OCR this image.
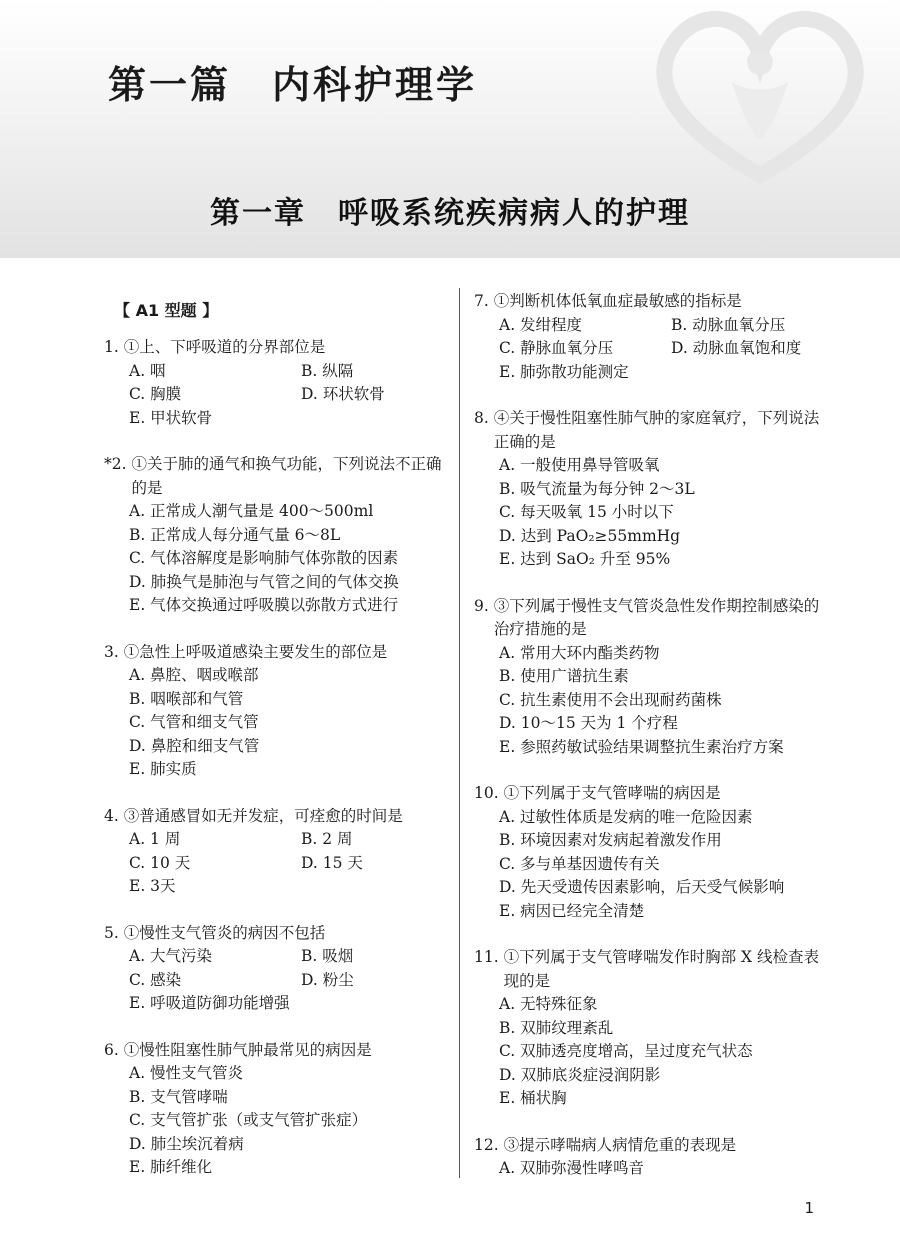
第一篇　内科护理学
第一章　呼吸系统疾病病人的护理
【 A1 型题 】
1. ①上、下呼吸道的分界部位是
A. 咽	B. 纵隔
C. 胸膜	D. 环状软骨
E. 甲状软骨
*2. ①关于肺的通气和换气功能，下列说法不正确的是
A. 正常成人潮气量是 400～500ml
B. 正常成人每分通气量 6～8L
C. 气体溶解度是影响肺气体弥散的因素
D. 肺换气是肺泡与气管之间的气体交换
E. 气体交换通过呼吸膜以弥散方式进行
3. ①急性上呼吸道感染主要发生的部位是
A. 鼻腔、咽或喉部
B. 咽喉部和气管
C. 气管和细支气管
D. 鼻腔和细支气管
E. 肺实质
4. ③普通感冒如无并发症，可痊愈的时间是
A. 1 周	B. 2 周
C. 10 天	D. 15 天
E. 3天
5. ①慢性支气管炎的病因不包括
A. 大气污染	B. 吸烟
C. 感染	D. 粉尘
E. 呼吸道防御功能增强
6. ①慢性阻塞性肺气肿最常见的病因是
A. 慢性支气管炎
B. 支气管哮喘
C. 支气管扩张（或支气管扩张症）
D. 肺尘埃沉着病
E. 肺纤维化
7. ①判断机体低氧血症最敏感的指标是
A. 发绀程度	B. 动脉血氧分压
C. 静脉血氧分压	D. 动脉血氧饱和度
E. 肺弥散功能测定
8. ④关于慢性阻塞性肺气肿的家庭氧疗，下列说法正确的是
A. 一般使用鼻导管吸氧
B. 吸气流量为每分钟 2～3L
C. 每天吸氧 15 小时以下
D. 达到 PaO₂≥55mmHg
E. 达到 SaO₂ 升至 95%
9. ③下列属于慢性支气管炎急性发作期控制感染的治疗措施的是
A. 常用大环内酯类药物
B. 使用广谱抗生素
C. 抗生素使用不会出现耐药菌株
D. 10～15 天为 1 个疗程
E. 参照药敏试验结果调整抗生素治疗方案
10. ①下列属于支气管哮喘的病因是
A. 过敏性体质是发病的唯一危险因素
B. 环境因素对发病起着激发作用
C. 多与单基因遗传有关
D. 先天受遗传因素影响，后天受气候影响
E. 病因已经完全清楚
11. ①下列属于支气管哮喘发作时胸部 X 线检查表现的是
A. 无特殊征象
B. 双肺纹理紊乱
C. 双肺透亮度增高，呈过度充气状态
D. 双肺底炎症浸润阴影
E. 桶状胸
12. ③提示哮喘病人病情危重的表现是
A. 双肺弥漫性哮鸣音
1
